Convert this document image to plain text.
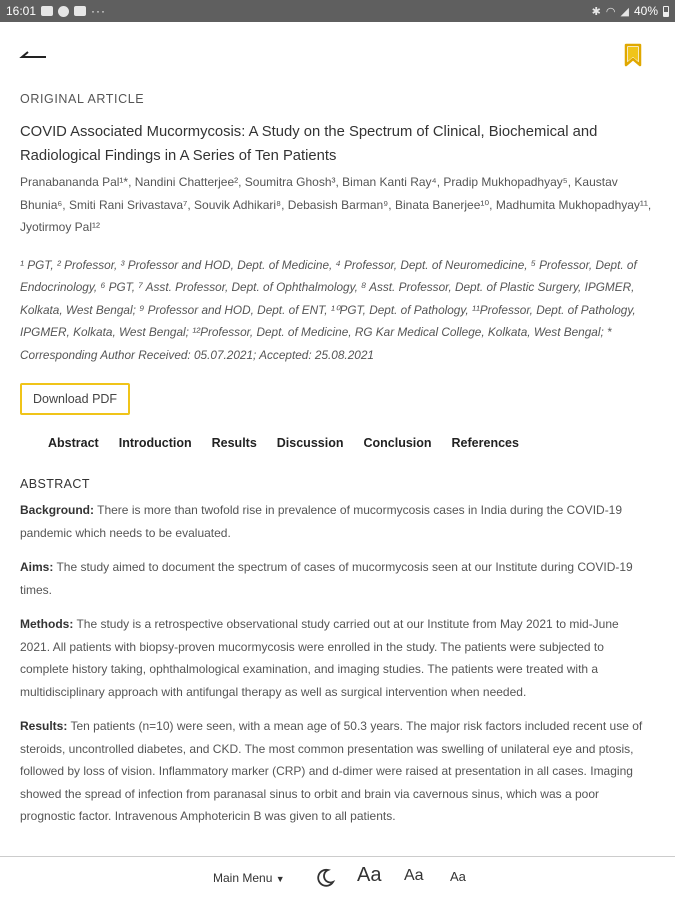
16:01	···	✱ ◠ ◢ 40%
ORIGINAL ARTICLE
COVID Associated Mucormycosis: A Study on the Spectrum of Clinical, Biochemical and Radiological Findings in A Series of Ten Patients
Pranabananda Pal¹*, Nandini Chatterjee², Soumitra Ghosh³, Biman Kanti Ray⁴, Pradip Mukhopadhyay⁵, Kaustav Bhunia⁶, Smiti Rani Srivastava⁷, Souvik Adhikari⁸, Debasish Barman⁹, Binata Banerjee¹⁰, Madhumita Mukhopadhyay¹¹, Jyotirmoy Pal¹²
¹ PGT, ² Professor, ³ Professor and HOD, Dept. of Medicine, ⁴ Professor, Dept. of Neuromedicine, ⁵ Professor, Dept. of Endocrinology, ⁶ PGT, ⁷ Asst. Professor, Dept. of Ophthalmology, ⁸ Asst. Professor, Dept. of Plastic Surgery, IPGMER, Kolkata, West Bengal; ⁹ Professor and HOD, Dept. of ENT, ¹⁰PGT, Dept. of Pathology, ¹¹Professor, Dept. of Pathology, IPGMER, Kolkata, West Bengal; ¹²Professor, Dept. of Medicine, RG Kar Medical College, Kolkata, West Bengal; * Corresponding Author Received: 05.07.2021; Accepted: 25.08.2021
Download PDF
Abstract Introduction Results Discussion Conclusion References
ABSTRACT
Background: There is more than twofold rise in prevalence of mucormycosis cases in India during the COVID-19 pandemic which needs to be evaluated.
Aims: The study aimed to document the spectrum of cases of mucormycosis seen at our Institute during COVID-19 times.
Methods: The study is a retrospective observational study carried out at our Institute from May 2021 to mid-June 2021. All patients with biopsy-proven mucormycosis were enrolled in the study. The patients were subjected to complete history taking, ophthalmological examination, and imaging studies. The patients were treated with a multidisciplinary approach with antifungal therapy as well as surgical intervention when needed.
Results: Ten patients (n=10) were seen, with a mean age of 50.3 years. The major risk factors included recent use of steroids, uncontrolled diabetes, and CKD. The most common presentation was swelling of unilateral eye and ptosis, followed by loss of vision. Inflammatory marker (CRP) and d-dimer were raised at presentation in all cases. Imaging showed the spread of infection from paranasal sinus to orbit and brain via cavernous sinus, which was a poor prognostic factor. Intravenous Amphotericin B was given to all patients.
Main Menu ▼	Aa Aa Aa
